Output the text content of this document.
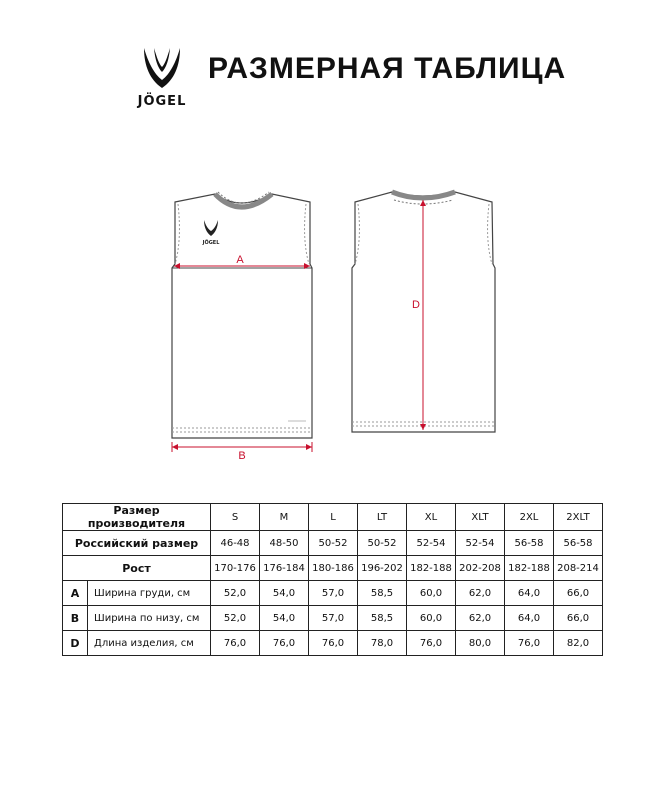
JÖGEL
РАЗМЕРНАЯ ТАБЛИЦА
JÖGEL
A
B
D
Размер производителя		S	M	L	LT	XL	XLT	2XL	2XLT
Российский размер		46-48	48-50	50-52	50-52	52-54	52-54	56-58	56-58
Рост		170-176	176-184	180-186	196-202	182-188	202-208	182-188	208-214
A	Ширина груди, см	52,0	54,0	57,0	58,5	60,0	62,0	64,0	66,0
B	Ширина по низу, см	52,0	54,0	57,0	58,5	60,0	62,0	64,0	66,0
D	Длина изделия, см	76,0	76,0	76,0	78,0	76,0	80,0	76,0	82,0
